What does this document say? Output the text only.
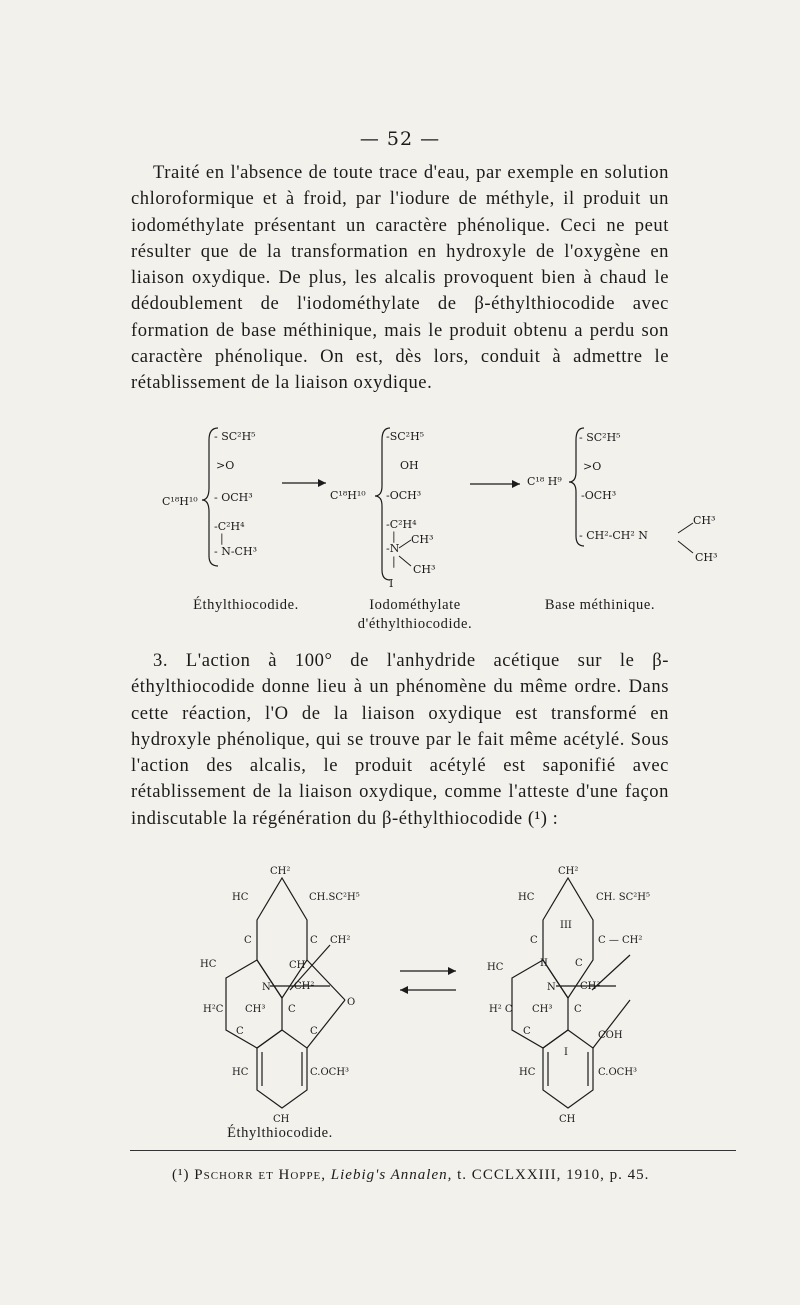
— 52 —

Traité en l'absence de toute trace d'eau, par exemple en solution chloroformique et à froid, par l'iodure de méthyle, il produit un iodométhylate présentant un caractère phénolique. Ceci ne peut résulter que de la transformation en hydroxyle de l'oxygène en liaison oxydique. De plus, les alcalis provoquent bien à chaud le dédoublement de l'iodométhylate de β-éthylthiocodide avec formation de base méthinique, mais le produit obtenu a perdu son caractère phénolique. On est, dès lors, conduit à admettre le rétablissement de la liaison oxydique.

C¹⁸H¹⁰
- SC²H⁵
>O
- OCH³
-C²H⁴
|
- N-CH³
C¹⁸H¹⁰
-SC²H⁵
OH
-OCH³
-C²H⁴
|
-N
CH³
CH³
|
I
C¹⁸ H⁹
- SC²H⁵
>O
-OCH³
- CH²-CH² N
CH³
CH³
Éthylthiocodide.	Iodométhylate
d'éthylthiocodide.
Base méthinique.

3. L'action à 100° de l'anhydride acétique sur le β-éthylthiocodide donne lieu à un phénomène du même ordre. Dans cette réaction, l'O de la liaison oxydique est transformé en hydroxyle phénolique, qui se trouve par le fait même acétylé. Sous l'action des alcalis, le produit acétylé est saponifié avec rétablissement de la liaison oxydique, comme l'atteste d'une façon indiscutable la régénération du β-éthylthiocodide (¹) :

CH²
HC	CH.SC²H⁵
C	C CH²
HC	CH
N CH²
O
H²C CH³ C
C	C
HC	C.OCH³
CH
CH²
HC	CH. SC²H⁵
III
C	C — CH²
II
HC	C
N CH²
H² C CH³ C
C	COH
I
HC	C.OCH³
CH
Éthylthiocodide.
(¹) Pschorr et Hoppe, Liebig's Annalen, t. CCCLXXIII, 1910, p. 45.
